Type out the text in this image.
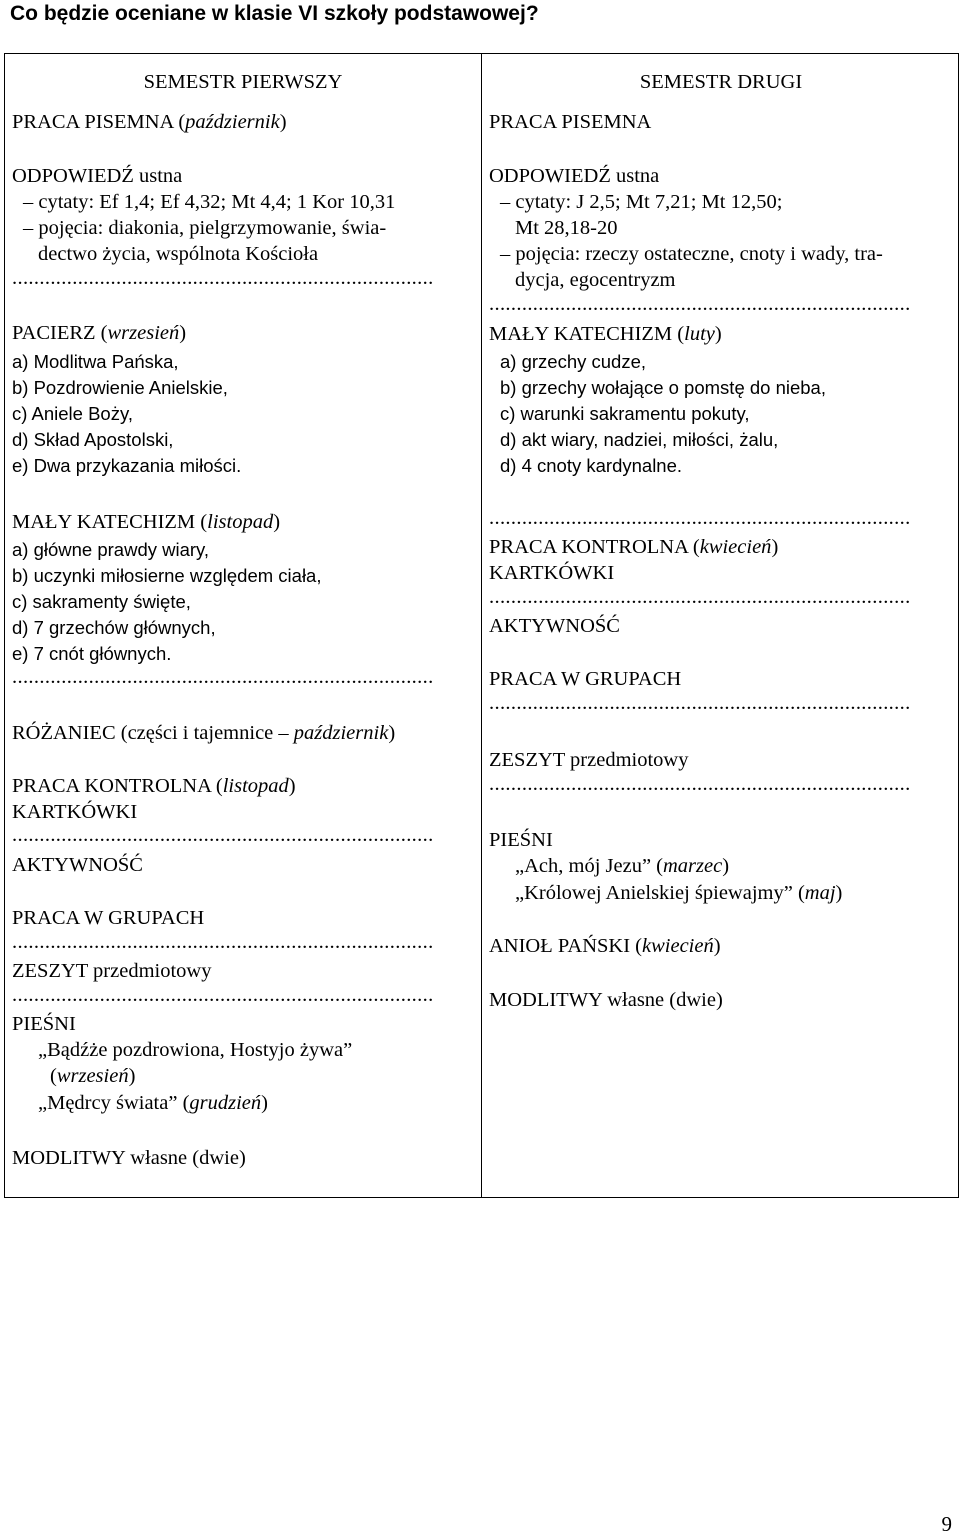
Co będzie oceniane w klasie VI szkoły podstawowej?
SEMESTR PIERWSZY
PRACA PISEMNA (październik)
ODPOWIEDŹ ustna
– cytaty: Ef 1,4; Ef 4,32; Mt 4,4; 1 Kor 10,31
– pojęcia: diakonia, pielgrzymowanie, świa-
dectwo życia, wspólnota Kościoła
.............................................................................
PACIERZ (wrzesień)
a) Modlitwa Pańska,
b) Pozdrowienie Anielskie,
c) Aniele Boży,
d) Skład Apostolski,
e) Dwa przykazania miłości.
MAŁY KATECHIZM (listopad)
a) główne prawdy wiary,
b) uczynki miłosierne względem ciała,
c) sakramenty święte,
d) 7 grzechów głównych,
e) 7 cnót głównych.
.............................................................................
RÓŻANIEC (części i tajemnice – październik)
PRACA KONTROLNA (listopad)
KARTKÓWKI
.............................................................................
AKTYWNOŚĆ
PRACA W GRUPACH
.............................................................................
ZESZYT przedmiotowy
.............................................................................
PIEŚNI
„Bądźże pozdrowiona, Hostyjo żywa”
(wrzesień)
„Mędrcy świata” (grudzień)
MODLITWY własne (dwie)
SEMESTR DRUGI
PRACA PISEMNA
ODPOWIEDŹ ustna
– cytaty: J 2,5; Mt 7,21; Mt 12,50;
Mt 28,18-20
– pojęcia: rzeczy ostateczne, cnoty i wady, tra-
dycja, egocentryzm
.............................................................................
MAŁY KATECHIZM (luty)
a) grzechy cudze,
b) grzechy wołające o pomstę do nieba,
c) warunki sakramentu pokuty,
d) akt wiary, nadziei, miłości, żalu,
d) 4 cnoty kardynalne.
.............................................................................
PRACA KONTROLNA (kwiecień)
KARTKÓWKI
.............................................................................
AKTYWNOŚĆ
PRACA W GRUPACH
.............................................................................
ZESZYT przedmiotowy
.............................................................................
PIEŚNI
„Ach, mój Jezu” (marzec)
„Królowej Anielskiej śpiewajmy” (maj)
ANIOŁ PAŃSKI (kwiecień)
MODLITWY własne (dwie)
9
